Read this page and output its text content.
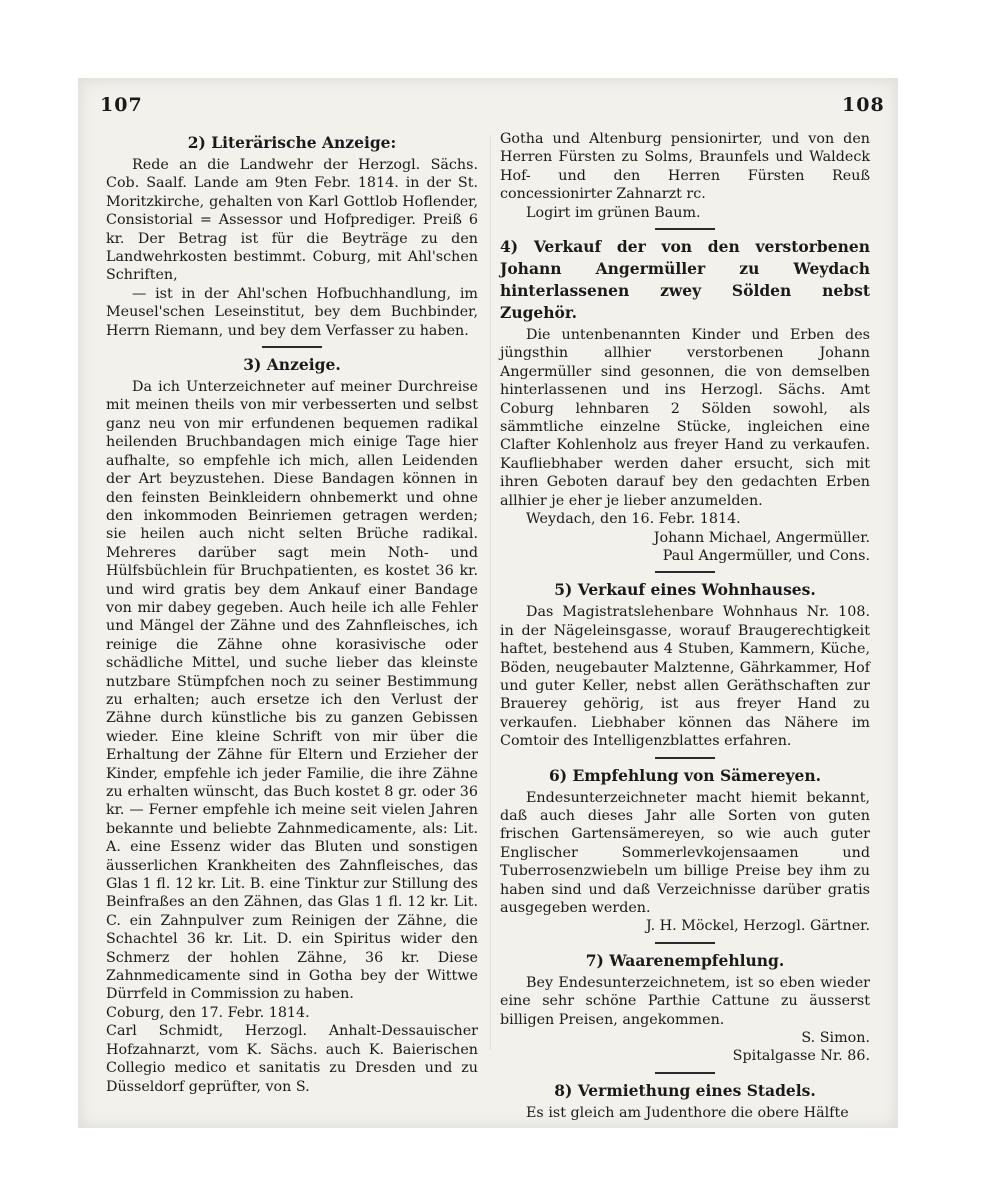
107	108

2) Literärische Anzeige:

Rede an die Landwehr der Herzogl. Sächs. Cob. Saalf. Lande am 9ten Febr. 1814. in der St. Moritzkirche, gehalten von Karl Gottlob Hoflender, Consistorial = Assessor und Hofprediger. Preiß 6 kr. Der Betrag ist für die Beyträge zu den Landwehrkosten bestimmt. Coburg, mit Ahl'schen Schriften,

— ist in der Ahl'schen Hofbuchhandlung, im Meusel'schen Leseinstitut, bey dem Buchbinder, Herrn Riemann, und bey dem Verfasser zu haben.

3) Anzeige.

Da ich Unterzeichneter auf meiner Durchreise mit meinen theils von mir verbesserten und selbst ganz neu von mir erfundenen bequemen radikal heilenden Bruchbandagen mich einige Tage hier aufhalte, so empfehle ich mich, allen Leidenden der Art beyzustehen. Diese Bandagen können in den feinsten Beinkleidern ohnbemerkt und ohne den inkommoden Beinriemen getragen werden; sie heilen auch nicht selten Brüche radikal. Mehreres darüber sagt mein Noth- und Hülfsbüchlein für Bruchpatienten, es kostet 36 kr. und wird gratis bey dem Ankauf einer Bandage von mir dabey gegeben. Auch heile ich alle Fehler und Mängel der Zähne und des Zahnfleisches, ich reinige die Zähne ohne korasivische oder schädliche Mittel, und suche lieber das kleinste nutzbare Stümpfchen noch zu seiner Bestimmung zu erhalten; auch ersetze ich den Verlust der Zähne durch künstliche bis zu ganzen Gebissen wieder. Eine kleine Schrift von mir über die Erhaltung der Zähne für Eltern und Erzieher der Kinder, empfehle ich jeder Familie, die ihre Zähne zu erhalten wünscht, das Buch kostet 8 gr. oder 36 kr. — Ferner empfehle ich meine seit vielen Jahren bekannte und beliebte Zahnmedicamente, als: Lit. A. eine Essenz wider das Bluten und sonstigen äusserlichen Krankheiten des Zahnfleisches, das Glas 1 fl. 12 kr. Lit. B. eine Tinktur zur Stillung des Beinfraßes an den Zähnen, das Glas 1 fl. 12 kr. Lit. C. ein Zahnpulver zum Reinigen der Zähne, die Schachtel 36 kr. Lit. D. ein Spiritus wider den Schmerz der hohlen Zähne, 36 kr. Diese Zahnmedicamente sind in Gotha bey der Wittwe Dürrfeld in Commission zu haben.

Coburg, den 17. Febr. 1814.

Carl Schmidt, Herzogl. Anhalt-Dessauischer Hofzahnarzt, vom K. Sächs. auch K. Baierischen Collegio medico et sanitatis zu Dresden und zu Düsseldorf geprüfter, von S.

Gotha und Altenburg pensionirter, und von den Herren Fürsten zu Solms, Braunfels und Waldeck Hof- und den Herren Fürsten Reuß concessionirter Zahnarzt rc.

Logirt im grünen Baum.

4) Verkauf der von den verstorbenen Johann Angermüller zu Weydach hinterlassenen zwey Sölden nebst Zugehör.

Die untenbenannten Kinder und Erben des jüngsthin allhier verstorbenen Johann Angermüller sind gesonnen, die von demselben hinterlassenen und ins Herzogl. Sächs. Amt Coburg lehnbaren 2 Sölden sowohl, als sämmtliche einzelne Stücke, ingleichen eine Clafter Kohlenholz aus freyer Hand zu verkaufen. Kaufliebhaber werden daher ersucht, sich mit ihren Geboten darauf bey den gedachten Erben allhier je eher je lieber anzumelden.

Weydach, den 16. Febr. 1814.

Johann Michael, Angermüller.

Paul Angermüller, und Cons.

5) Verkauf eines Wohnhauses.

Das Magistratslehenbare Wohnhaus Nr. 108. in der Nägeleinsgasse, worauf Braugerechtigkeit haftet, bestehend aus 4 Stuben, Kammern, Küche, Böden, neugebauter Malztenne, Gährkammer, Hof und guter Keller, nebst allen Geräthschaften zur Brauerey gehörig, ist aus freyer Hand zu verkaufen. Liebhaber können das Nähere im Comtoir des Intelligenzblattes erfahren.

6) Empfehlung von Sämereyen.

Endesunterzeichneter macht hiemit bekannt, daß auch dieses Jahr alle Sorten von guten frischen Gartensämereyen, so wie auch guter Englischer Sommerlevkojensaamen und Tuberrosenzwiebeln um billige Preise bey ihm zu haben sind und daß Verzeichnisse darüber gratis ausgegeben werden.

J. H. Möckel, Herzogl. Gärtner.

7) Waarenempfehlung.

Bey Endesunterzeichnetem, ist so eben wieder eine sehr schöne Parthie Cattune zu äusserst billigen Preisen, angekommen.

S. Simon.

Spitalgasse Nr. 86.

8) Vermiethung eines Stadels.

Es ist gleich am Judenthore die obere Hälfte
